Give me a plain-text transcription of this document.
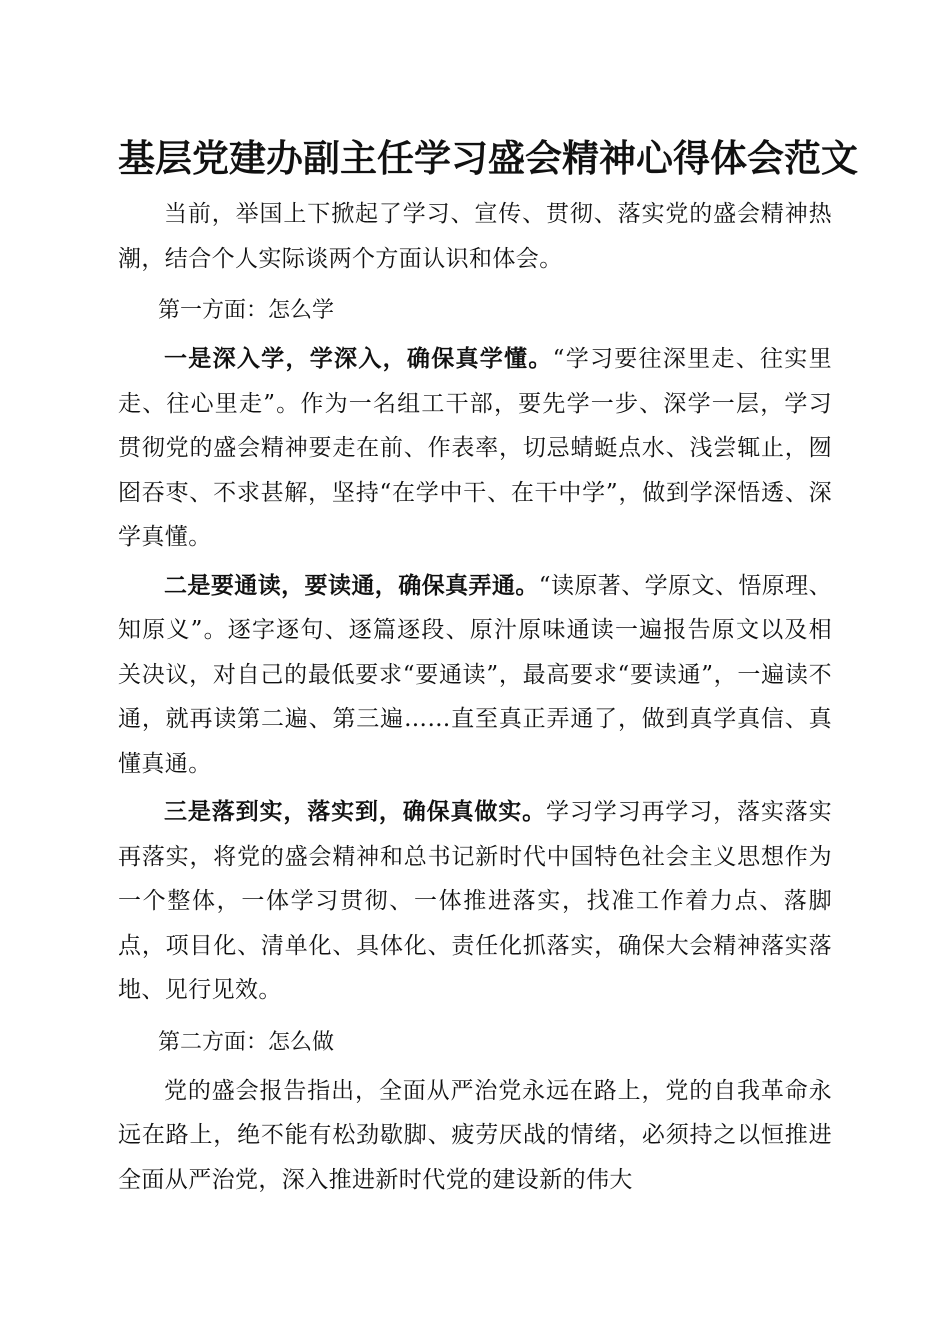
基层党建办副主任学习盛会精神心得体会范文

当前，举国上下掀起了学习、宣传、贯彻、落实党的盛会精神热潮，结合个人实际谈两个方面认识和体会。

第一方面：怎么学

一是深入学，学深入，确保真学懂。“学习要往深里走、往实里走、往心里走”。作为一名组工干部，要先学一步、深学一层，学习贯彻党的盛会精神要走在前、作表率，切忌蜻蜓点水、浅尝辄止，囫囵吞枣、不求甚解，坚持“在学中干、在干中学”，做到学深悟透、深学真懂。

二是要通读，要读通，确保真弄通。“读原著、学原文、悟原理、知原义”。逐字逐句、逐篇逐段、原汁原味通读一遍报告原文以及相关决议，对自己的最低要求“要通读”，最高要求“要读通”，一遍读不通，就再读第二遍、第三遍……直至真正弄通了，做到真学真信、真懂真通。

三是落到实，落实到，确保真做实。学习学习再学习，落实落实再落实，将党的盛会精神和总书记新时代中国特色社会主义思想作为一个整体，一体学习贯彻、一体推进落实，找准工作着力点、落脚点，项目化、清单化、具体化、责任化抓落实，确保大会精神落实落地、见行见效。

第二方面：怎么做

党的盛会报告指出，全面从严治党永远在路上，党的自我革命永远在路上，绝不能有松劲歇脚、疲劳厌战的情绪，必须持之以恒推进全面从严治党，深入推进新时代党的建设新的伟大
